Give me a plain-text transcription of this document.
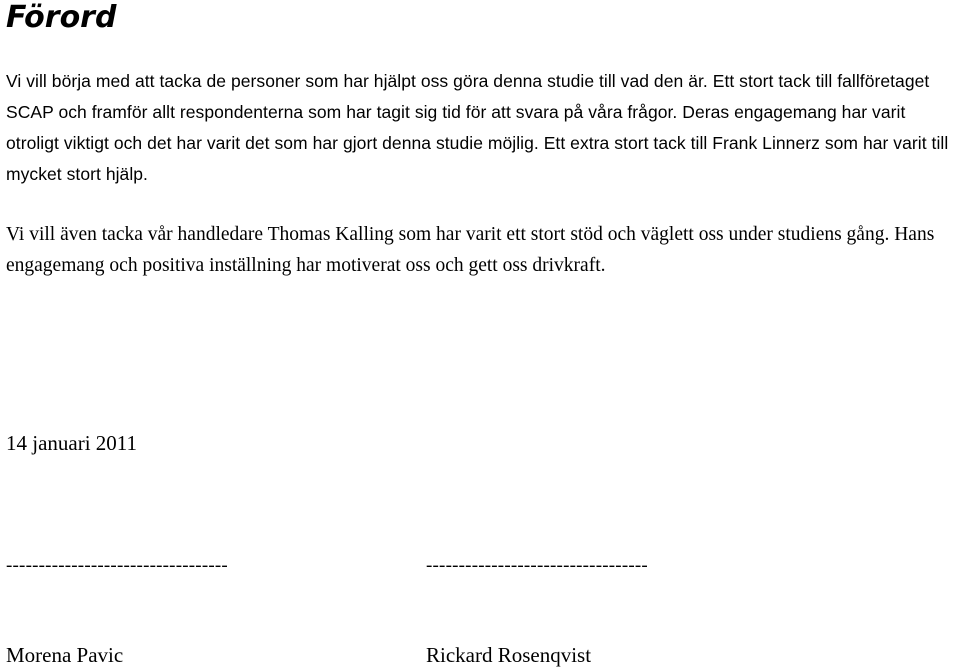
Förord

Vi vill börja med att tacka de personer som har hjälpt oss göra denna studie till vad den är. Ett stort tack till fallföretaget SCAP och framför allt respondenterna som har tagit sig tid för att svara på våra frågor. Deras engagemang har varit otroligt viktigt och det har varit det som har gjort denna studie möjlig. Ett extra stort tack till Frank Linnerz som har varit till mycket stort hjälp.

Vi vill även tacka vår handledare Thomas Kalling som har varit ett stort stöd och väglett oss under studiens gång. Hans engagemang och positiva inställning har motiverat oss och gett oss drivkraft.

14 januari 2011
----------------------------------	----------------------------------
Morena Pavic	Rickard Rosenqvist
